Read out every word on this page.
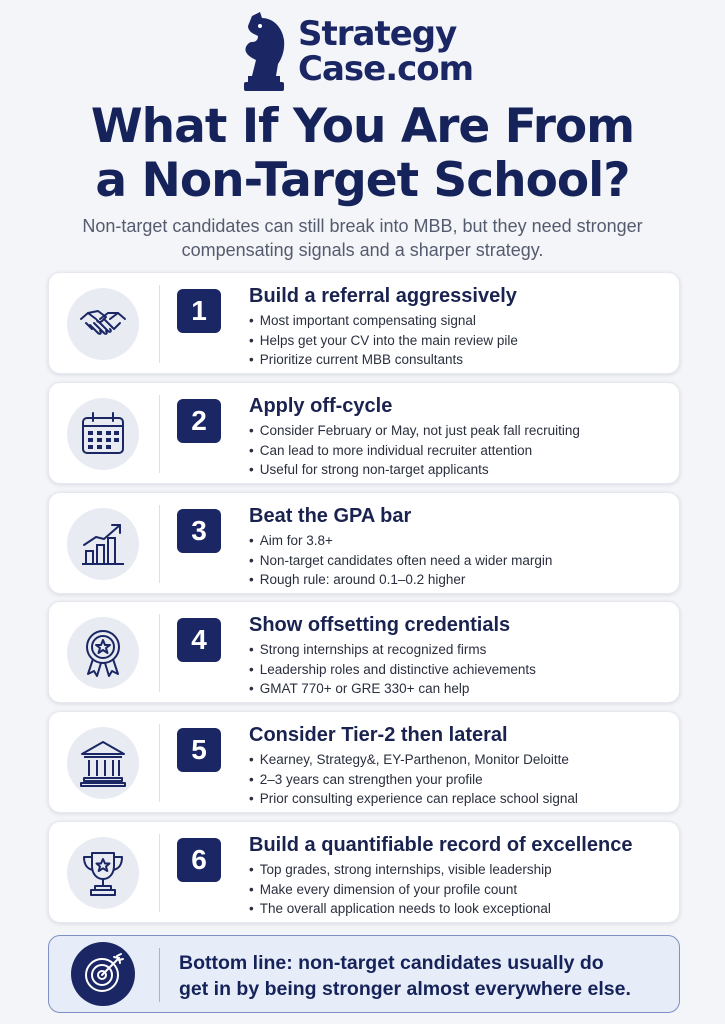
Strategy
Case.com
What If You Are From
a Non-Target School?
Non-target candidates can still break into MBB, but they need stronger compensating signals and a sharper strategy.
1	Build a referral aggressively
• Most important compensating signal
• Helps get your CV into the main review pile
• Prioritize current MBB consultants
2	Apply off-cycle
• Consider February or May, not just peak fall recruiting
• Can lead to more individual recruiter attention
• Useful for strong non-target applicants
3	Beat the GPA bar
• Aim for 3.8+
• Non-target candidates often need a wider margin
• Rough rule: around 0.1–0.2 higher
4	Show offsetting credentials
• Strong internships at recognized firms
• Leadership roles and distinctive achievements
• GMAT 770+ or GRE 330+ can help
5	Consider Tier-2 then lateral
• Kearney, Strategy&, EY-Parthenon, Monitor Deloitte
• 2–3 years can strengthen your profile
• Prior consulting experience can replace school signal
6	Build a quantifiable record of excellence
• Top grades, strong internships, visible leadership
• Make every dimension of your profile count
• The overall application needs to look exceptional
Bottom line: non-target candidates usually do
get in by being stronger almost everywhere else.
